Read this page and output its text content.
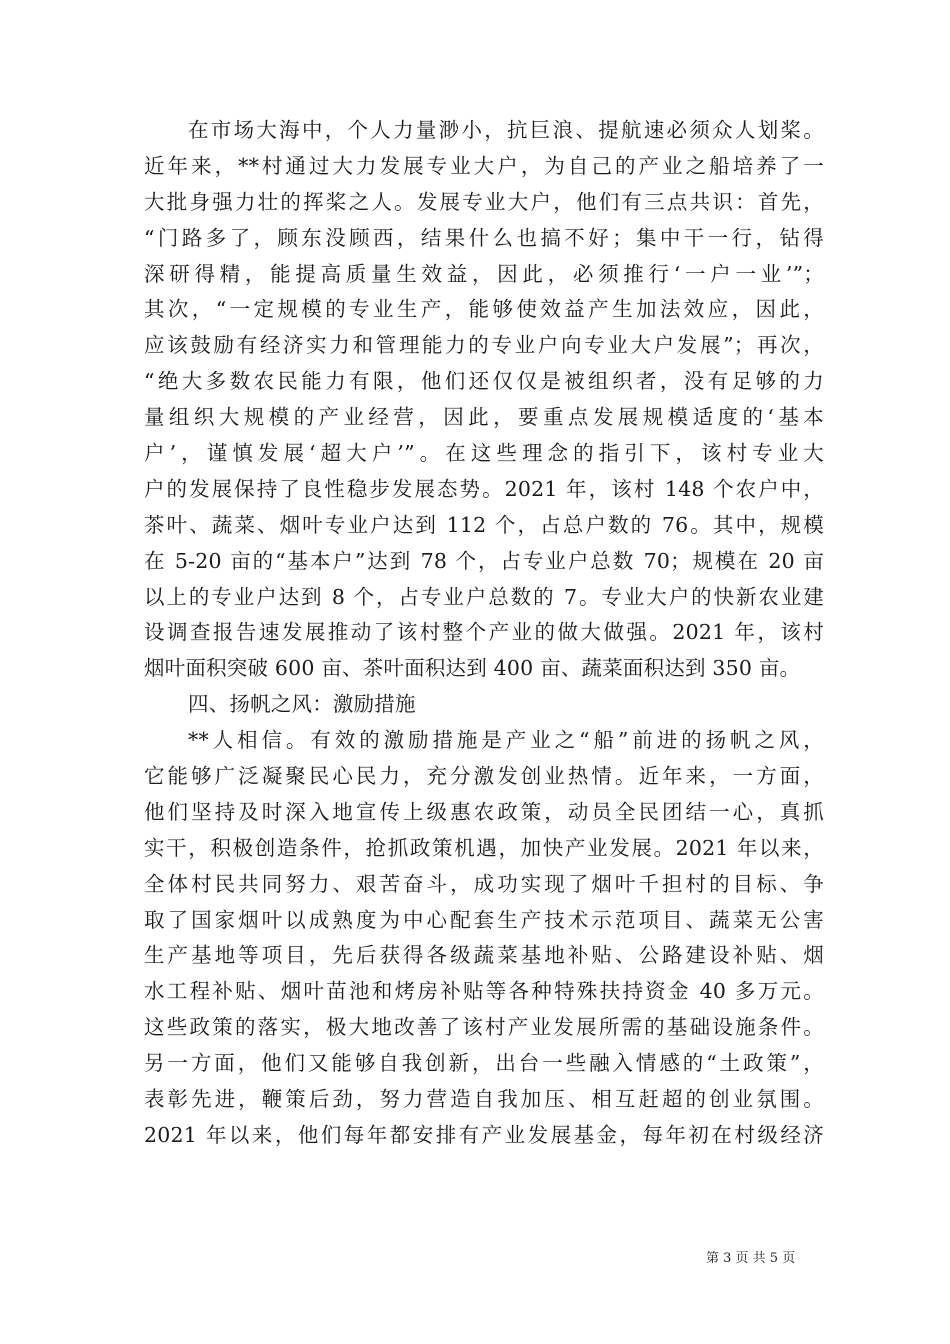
在市场大海中，个人力量渺小，抗巨浪、提航速必须众人划桨。
近年来，**村通过大力发展专业大户，为自己的产业之船培养了一
大批身强力壮的挥桨之人。发展专业大户，他们有三点共识：首先，
“门路多了，顾东没顾西，结果什么也搞不好；集中干一行，钻得
深研得精，能提高质量生效益，因此，必须推行‘一户一业’”；
其次，“一定规模的专业生产，能够使效益产生加法效应，因此，
应该鼓励有经济实力和管理能力的专业户向专业大户发展”；再次，
“绝大多数农民能力有限，他们还仅仅是被组织者，没有足够的力
量组织大规模的产业经营，因此，要重点发展规模适度的‘基本
户’，谨慎发展‘超大户’”。在这些理念的指引下，该村专业大
户的发展保持了良性稳步发展态势。2021 年，该村 148 个农户中，
茶叶、蔬菜、烟叶专业户达到 112 个，占总户数的 76。其中，规模
在 5-20 亩的“基本户”达到 78 个，占专业户总数 70；规模在 20 亩
以上的专业户达到 8 个，占专业户总数的 7。专业大户的快新农业建
设调查报告速发展推动了该村整个产业的做大做强。2021 年，该村
烟叶面积突破 600 亩、茶叶面积达到 400 亩、蔬菜面积达到 350 亩。
四、扬帆之风：激励措施
**人相信。有效的激励措施是产业之“船”前进的扬帆之风，
它能够广泛凝聚民心民力，充分激发创业热情。近年来，一方面，
他们坚持及时深入地宣传上级惠农政策，动员全民团结一心，真抓
实干，积极创造条件，抢抓政策机遇，加快产业发展。2021 年以来，
全体村民共同努力、艰苦奋斗，成功实现了烟叶千担村的目标、争
取了国家烟叶以成熟度为中心配套生产技术示范项目、蔬菜无公害
生产基地等项目，先后获得各级蔬菜基地补贴、公路建设补贴、烟
水工程补贴、烟叶苗池和烤房补贴等各种特殊扶持资金 40 多万元。
这些政策的落实，极大地改善了该村产业发展所需的基础设施条件。
另一方面，他们又能够自我创新，出台一些融入情感的“土政策”，
表彰先进，鞭策后劲，努力营造自我加压、相互赶超的创业氛围。
2021 年以来，他们每年都安排有产业发展基金，每年初在村级经济
第 3 页 共 5 页
